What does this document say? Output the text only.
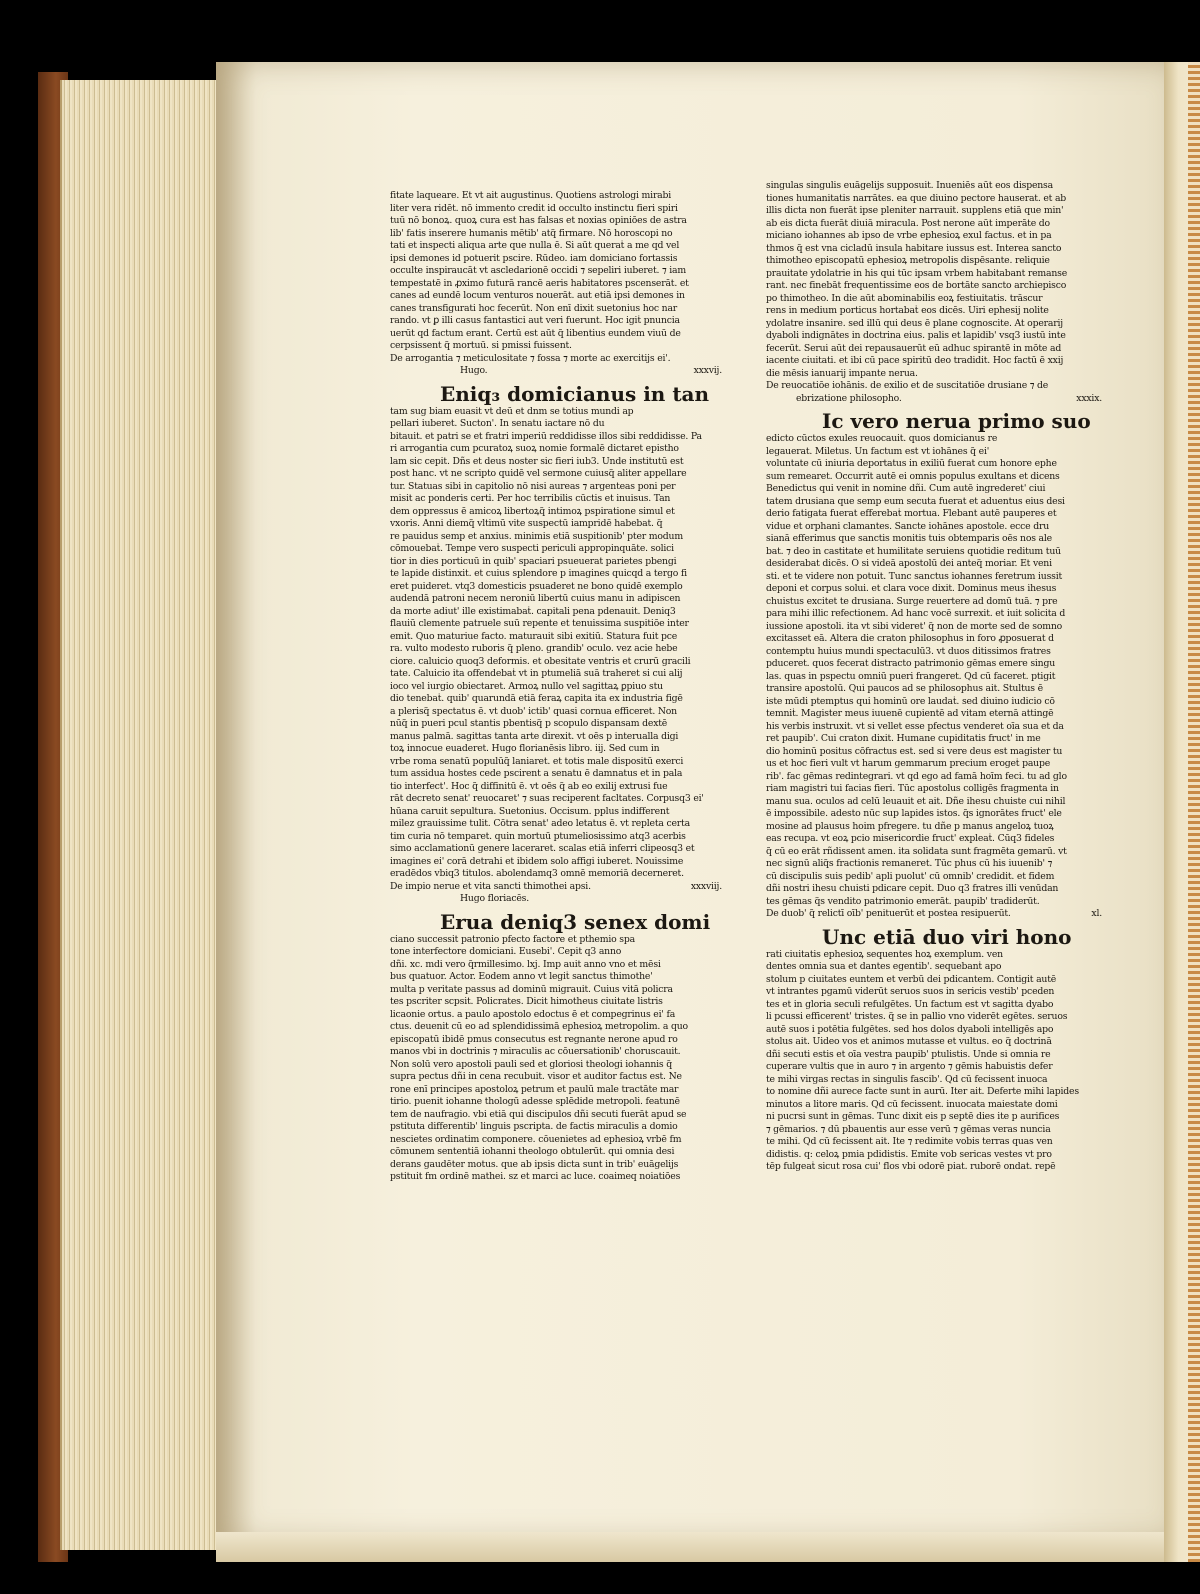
fitate laqueare. Et vt ait augustinus. Quotiens astrologi mirabi
liter vera ridēt. nō immento credit id occulto instinctu fieri spiri
tuū nō bonoꝝ. quoꝝ cura est has falsas et noxias opiniōes de astra
lib' fatis inserere humanis mētib' atq̃ firmare. Nō horoscopi no
tati et inspecti aliqua arte que nulla ē. Si aūt queraṫ a me qd vel
ipsi demones id potuerit pscire. Rūdeo. iam domiciano fortassis
occulte inspiraucāt vt ascledarionē occidi ⁊ sepeliri iuberet. ⁊ iam
tempestatē in ꝓximo futurā rancē aeris habitatores pscenserāt. et
canes ad eundē locum venturos nouerāt. aut etiā ipsi demones in
canes transfigurati hoc fecerūt. Non enī dixit suetonius hoc nar
rando. vt ꝑ illi casus fantastici aut veri fuerunt. Hoc igiṫ pnuncia
uerūt qd factum erant. Certū est aūt q̃ libentius eundem viuū de
cerpsissent q̃ mortuū. si pmissi fuissent.
De arrogantia ⁊ meticulositate ⁊ fossa ⁊ morte ac exercitijs ei'.
Hugo.	xxxvij.
Eniq₃ domicianus in tan
tam sug biam euasit vt deū et dnm se totius mundi ap
pellari iuberet. Sucton'. In senatu iactare nō du
bitauit. et patri se et fratri imperiū reddidisse illos sibi reddidisse. Pa
ri arrogantia cum pcuratoꝝ suoꝝ nomie formalē dictaret epistho
lam sic cepit. Dñs et deus noster sic fieri iub3. Unde institutū est
post hanc. vt ne scripto quidē vel sermone cuiusq̃ aliter appellare
tur. Statuas sibi in capitolio nō nisi aureas ⁊ argenteas poni per
misit ac ponderis certi. Per hoc terribilis cūctis et inuisus. Tan
dem oppressus ē amicoꝝ libertoꝝq̃ intimoꝝ pspiratione simul et
vxoris. Anni diemq̃ vltimū vite suspectū iampridē habebat. q̃
re pauidus semp et anxius. minimis etiā suspitionib' pter modum
cōmouebaṫ. Tempe vero suspecti periculi appropinquāte. solici
tior in dies porticuū in quib' spaciari psueuerat parietes pbengi
te lapide distinxit. et cuius splendore p imagines quicqd a tergo fi
eret puideret. vtq3 domesticis psuaderet ne bono quidē exemplo
audendā patroni necem neroniū libertū cuius manu in adipiscen
da morte adiut' ille existimabaṫ. capitali pena pdenauit. Deniq3
flauiū clemente patruele suū repente et tenuissima suspitiōe inter
emit. Quo maturiue facto. maturauit sibi exitiū. Statura fuit pce
ra. vulto modesto ruboris q̃ pleno. grandib' oculo. vez acie hebe
ciore. caluicio quoq3 deformis. et obesitate ventris et crurū gracili
tate. Caluicio ita offendebaṫ vt in ptumeliā suā traheret si cui alij
ioco vel iurgio obiectaret. Armoꝝ nullo vel sagittaꝝ ꝑpiuo stu
dio tenebaṫ. quib' quarundā etiā feraꝝ capita ita ex industria figē
a plerisq̃ spectatus ē. vt duob' ictib' quasi cornua efficeret. Non
nūq̃ in pueri pcul stantis pbentisq̃ p scopulo dispansam dextē
manus palmā. sagittas tanta arte direxit. vt oēs p interualla digi
toꝝ innocue euaderet. Hugo florianēsis libro. iij. Sed cum in
vrbe roma senatū populūq̃ laniaret. et totis male dispositū exerci
tum assidua hostes cede pscirent a senatu ē damnatus et in pala
tio interfect'. Hoc q̃ diffinitū ē. vt oēs q̃ ab eo exilij extrusi fue
rāt decreto senat' reuocaret' ⁊ suas reciperent facltates. Corpusq3 ei'
hūana caruit sepultura. Suetonius. Occisum. pplus indifferent
milez grauissime tulit. Cōtra senat' adeo letatus ē. vt repleta certa
tim curia nō temparet. quin mortuū ptumeliosissimo atq3 acerbis
simo acclamationū genere laceraret. scalas etiā inferri clipeosq3 et
imagines ei' corā detrahi et ibidem solo affigi iuberet. Nouissime
eradēdos vbiq3 titulos. abolendamq3 omnē memoriā decerneret.
De impio nerue et vita sancti thimothei apsi.	xxxviij.
Hugo floriacēs.
Erua deniq3 senex domi
ciano successit patronio pfecto factore et pthemio spa
tone interfectore domiciani. Eusebi'. Cepit q3 anno
dñi. xc. mdi vero q̃rmillesimo. lxj. Imp auit anno vno et mēsi
bus quatuor. Actor. Eodem anno vt legiṫ sanctus thimothe'
multa p veritate passus ad dominū migrauit. Cuius vitā policra
tes pscriter scpsit. Policrates. Dicit himotheus ciuitate listris
licaonie ortus. a paulo apostolo edoctus ē et compegrinus ei' fa
ctus. deuenit cū eo ad splendidissimā ephesioꝝ metropolim. a quo
episcopatū ibidē pmus consecutus est regnante nerone apud ro
manos vbi in doctrinis ⁊ miraculis ac cōuersationib' choruscauit.
Non solū vero apostoli pauli sed et gloriosi theologi iohannis q̃
supra pectus dñi in cena recubuit. visor et auditor factus est. Ne
rone enī principes apostoloꝝ petrum et paulū male tractāte mar
tirio. puenit iohanne thologū adesse splēdide metropoli. featunē
tem de naufragio. vbi etiā qui discipulos dñi secuti fuerāt apud se
pstituta differentib' linguis pscripta. de factis miraculis a domio
nescietes ordinatim componere. cōuenietes ad ephesioꝝ vrbē fm
cōmunem sententiā iohanni theologo obtulerūt. qui omnia desi
derans gaudēter motus. que ab ipsis dicta sunt in trib' euāgelijs
pstituit fm ordinē mathei. sz et marci ac luce. coaimeq noiatiōes
singulas singulis euāgelijs supposuit. Inueniēs aūt eos dispensa
tiones humanitatis narrātes. ea que diuino pectore hauserat. et ab
illis dicta non fuerāt ipse pleniter narrauit. supplens etiā que min'
ab eis dicta fuerāt diuiā miracula. Post nerone aūt imperāte do
miciano iohannes ab ipso de vrbe ephesioꝝ exul factus. et in pa
thmos q̃ est vna cicladū insula habitare iussus est. Interea sancto
thimotheo episcopatū ephesioꝝ metropolis dispēsante. reliquie
prauitate ydolatrie in his qui tūc ipsam vrbem habitabant remanse
rant. nec finebāt frequentissime eos de bortāte sancto archiepisco
po thimotheo. In die aūt abominabilis eoꝝ festiuitatis. trāscur
rens in medium porticus hortabaṫ eos dicēs. Uiri ephesij nolite
ydolatre insanire. sed illū qui deus ē plane cognoscite. At operarij
dyaboli indignātes in doctrina eius. palis et lapidib' vsq3 iustū inte
fecerūt. Serui aūt dei repausauerūt eū adhuc spirantē in mōte ad
iacente ciuitati. et ibi cū pace spiritū deo tradidit. Hoc factū ē xxij
die mēsis ianuarij impante nerua.
De reuocatiōe iohānis. de exilio et de suscitatiōe drusiane ⁊ de
ebrizatione philosopho.	xxxix.
Ic vero nerua primo suo
edicto cūctos exules reuocauit. quos domicianus re
legauerat. Miletus. Un factum est vt iohānes q̃ ei'
voluntate cū iniuria deportatus in exiliū fuerat cum honore ephe
sum remearet. Occurrit autē ei omnis populus exultans et dicens
Benedictus qui venit in nomine dñi. Cum autē ingrederet' ciui
tatem drusiana que semp eum secuta fuerat et aduentus eius desi
derio fatigata fuerat efferebaṫ mortua. Flebant autē pauperes et
vidue et orphani clamantes. Sancte iohānes apostole. ecce dru
sianā efferimus que sanctis monitis tuis obtemparis oēs nos ale
bat. ⁊ deo in castitate et humilitate seruiens quotidie reditum tuū
desiderabat dicēs. O si videā apostolū dei anteq̃ moriar. Et veni
sti. et te videre non potuit. Tunc sanctus iohannes feretrum iussit
deponi et corpus solui. et clara voce dixit. Dominus meus ihesus
chuistus excitet te drusiana. Surge reuertere ad domū tuā. ⁊ pre
para mihi illic refectionem. Ad hanc vocē surrexit. et iuit solicita d
iussione apostoli. ita vt sibi videret' q̃ non de morte sed de somno
excitasset eā. Altera die craton philosophus in foro ꝓposuerat d
contemptu huius mundi spectaculū3. vt duos ditissimos fratres
pduceret. quos fecerat distracto patrimonio gēmas emere singu
las. quas in pspectu omniū pueri frangeret. Qd cū faceret. ptigit
transire apostolū. Qui paucos ad se philosophus ait. Stultus ē
iste mūdi ptemptus qui hominū ore laudaṫ. sed diuino iudicio cō
temniṫ. Magister meus iuuenē cupientē ad vitam eternā attingē
his verbis instruxit. vt si vellet esse pfectus venderet oīa sua et da
ret paupib'. Cui craton dixit. Humane cupiditatis fruct' in me
dio hominū positus cōfractus est. sed si vere deus est magister tu
us et hoc fieri vult vt harum gemmarum precium erogeṫ paupe
rib'. fac gēmas redintegrari. vt qd ego ad famā hoīm feci. tu ad glo
riam magistri tui facias fieri. Tūc apostolus colligēs fragmenta in
manu sua. oculos ad celū leuauit et ait. Dñe ihesu chuiste cui nihil
ē impossibile. adesto nūc sup lapides istos. q̃s ignorātes fruct' ele
mosine ad plausus hoim pfregere. tu dñe p manus angeloꝝ tuoꝝ
eas recupa. vt eoꝝ pcio misericordie fruct' expleaṫ. Cūq3 fideles
q̃ cū eo erāt rñdissent amen. ita solidata sunt fragmēta gemarū. vt
nec signū aliq̃s fractionis remaneret. Tūc phus cū his iuuenib' ⁊
cū discipulis suis pedib' apli puolut' cū omnib' credidit. et fidem
dñi nostri ihesu chuisti pdicare cepit. Duo q3 fratres illi venūdan
tes gēmas q̃s vendito patrimonio emerāt. paupib' tradiderūt.
De duob' q̃ relictī oīb' penituerūt et postea resipuerūt.	xl.
Unc etiā duo viri hono
rati ciuitatis ephesioꝝ sequentes hoꝝ exemplum. ven
dentes omnia sua et dantes egentib'. sequebanṫ apo
stolum p ciuitates euntem et verbū dei pdicantem. Contigit autē
vt intrantes pgamū viderūt seruos suos in sericis vestib' pceden
tes et in gloria seculi refulgētes. Un factum est vt sagitta dyabo
li pcussi efficerent' tristes. q̃ se in pallio vno viderēt egētes. seruos
autē suos i potētia fulgētes. sed hos dolos dyaboli intelligēs apo
stolus ait. Uideo vos et animos mutasse et vultus. eo q̃ doctrinā
dñi secuti estis et oīa vestra paupib' ptulistis. Unde si omnia re
cuperare vultis que in auro ⁊ in argento ⁊ gēmis habuistis defer
te mihi virgas rectas in singulis fascib'. Qd cū fecissent inuoca
to nomine dñi aurece facte sunt in aurū. Iter ait. Deferte mihi lapides
minutos a litore maris. Qd cū fecissent. inuocata maiestate domi
ni pucrsi sunt in gēmas. Tunc dixit eis p septē dies ite p aurifices
⁊ gēmarios. ⁊ dū pbauentis aur esse verū ⁊ gēmas veras nuncia
te mihi. Qd cū fecissent ait. Ite ⁊ redimite vobis terras quas ven
didistis. q: celoꝝ pmia pdidistis. Emite vob sericas vestes vt pro
tēp fulgeaṫ sicut rosa cui' flos vbi odorē piat. ruborē ondat. repē
